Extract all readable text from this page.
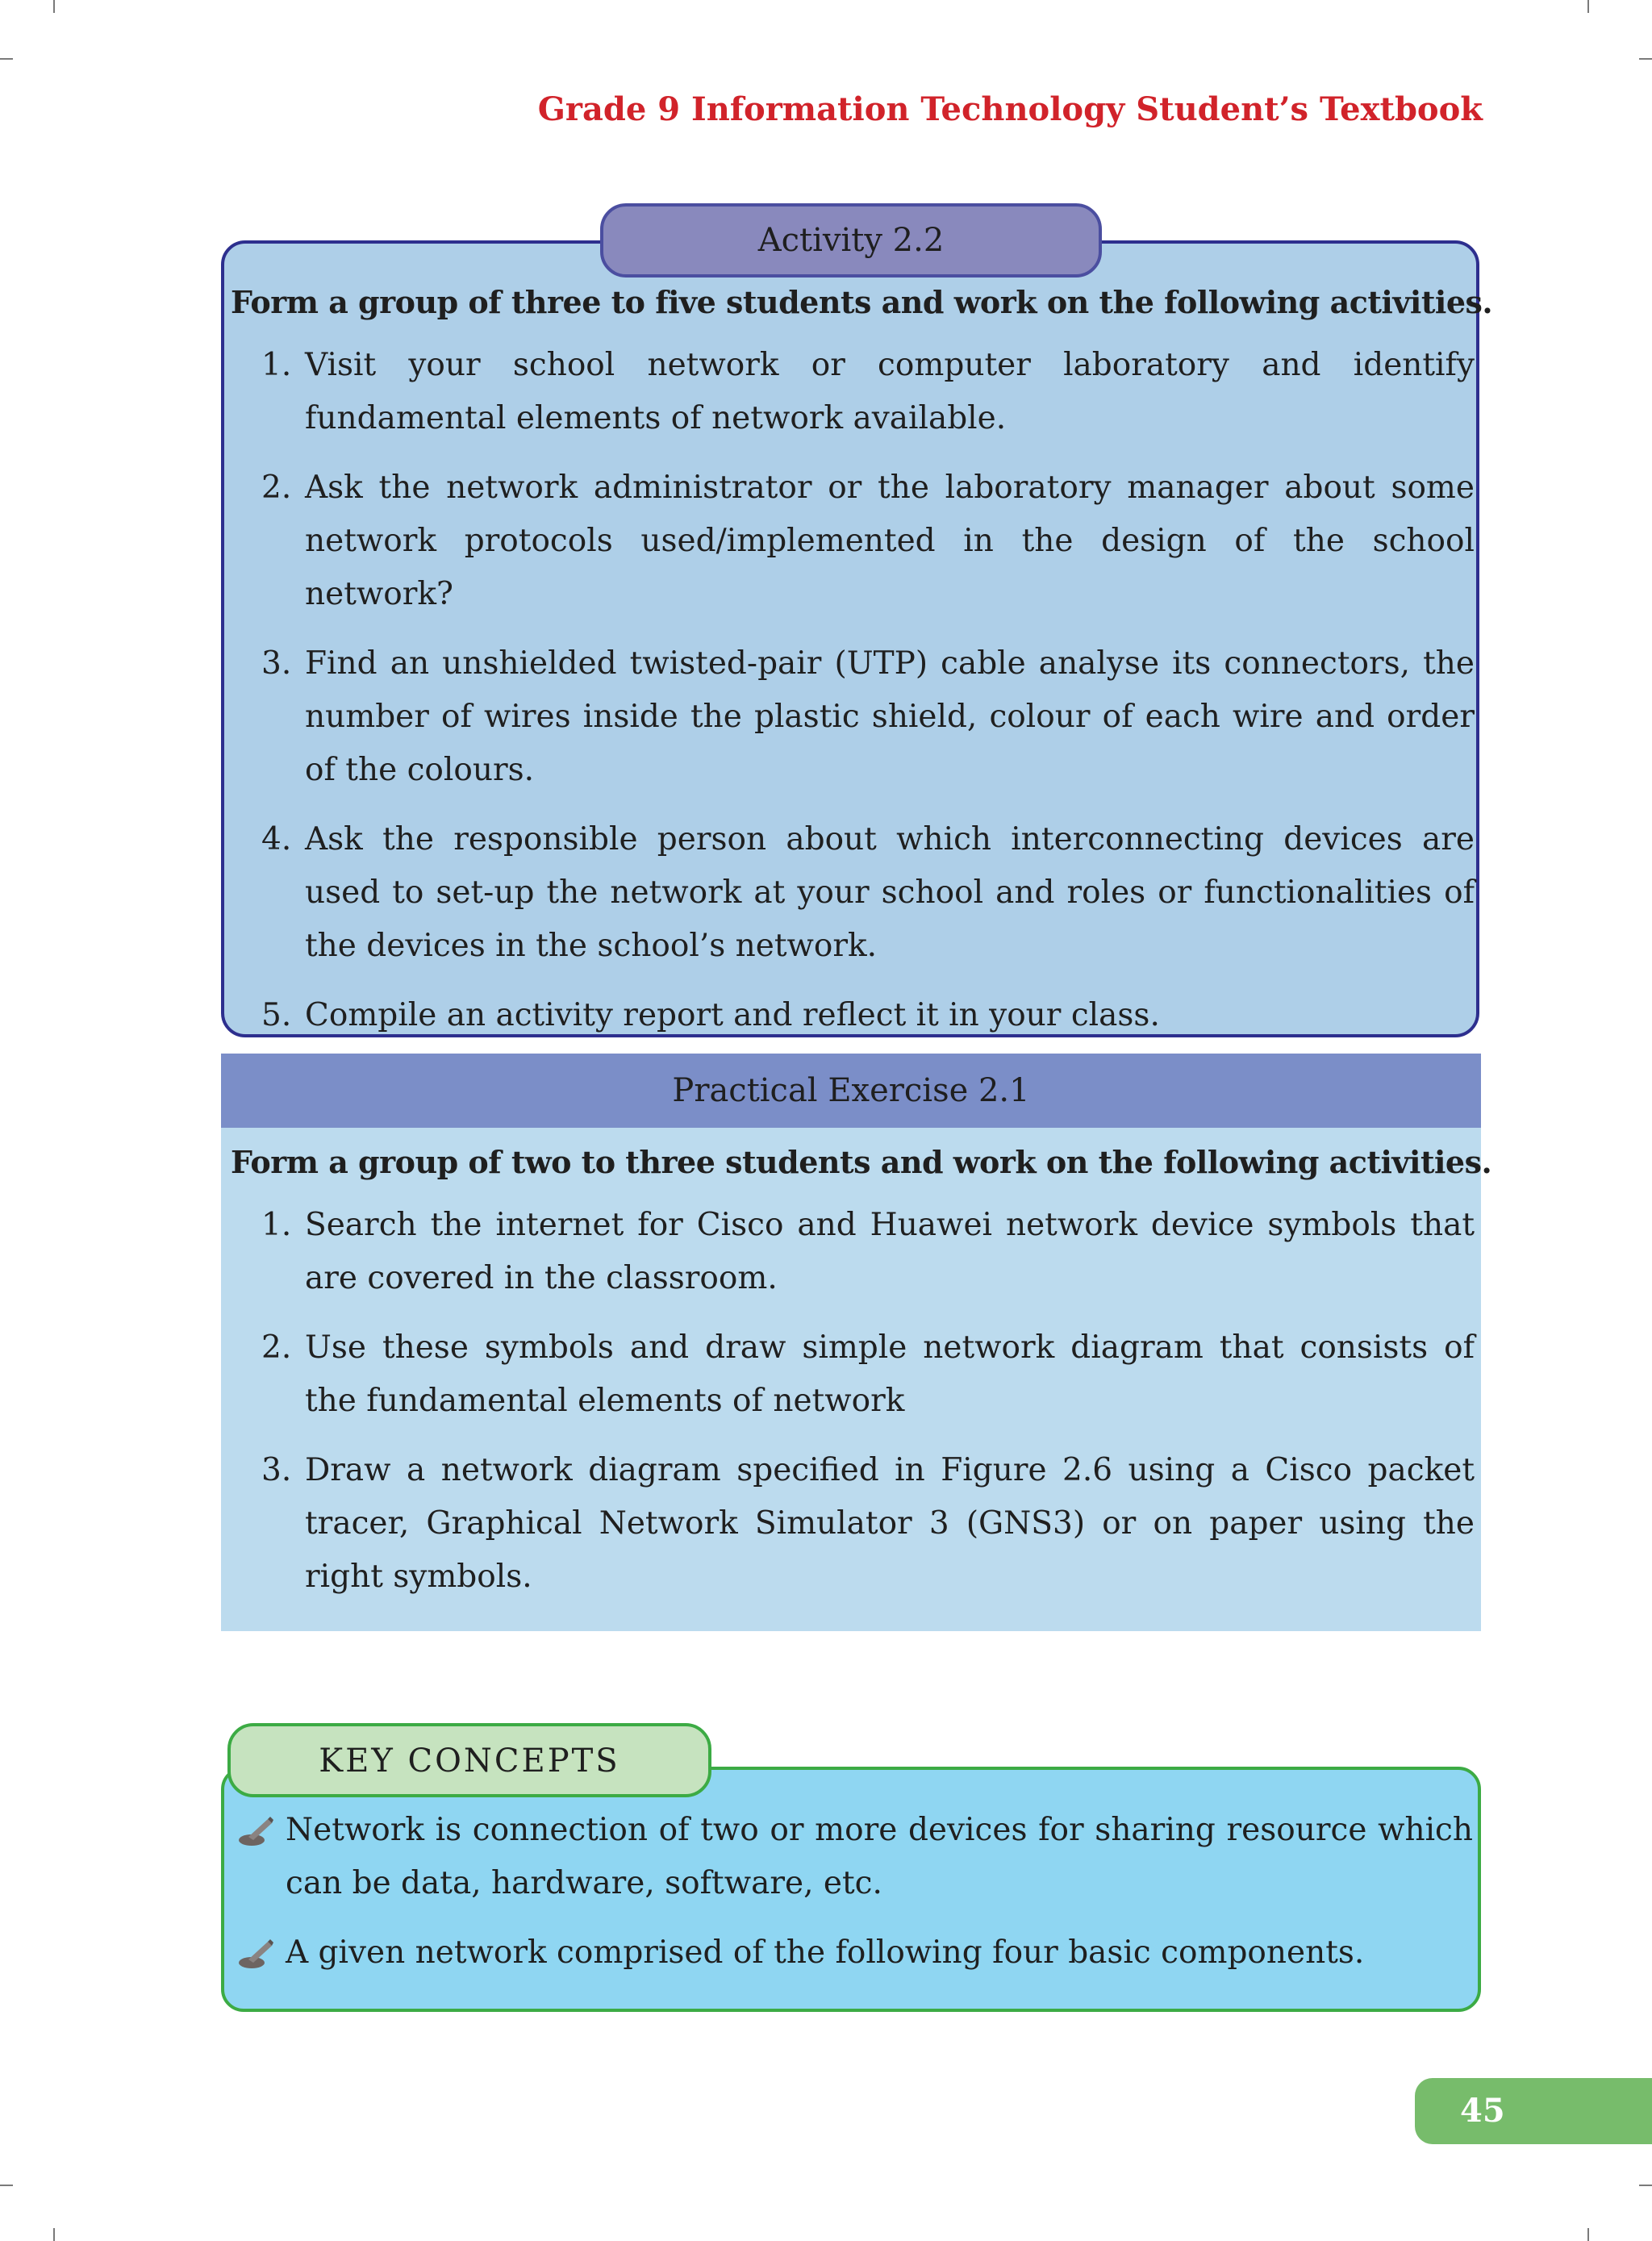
Grade 9 Information Technology Student’s Textbook
Activity 2.2
Form a group of three to five students and work on the following activities.
1. Visit your school network or computer laboratory and identify fundamental elements of network available.
2. Ask the network administrator or the laboratory manager about some network protocols used/implemented in the design of the school network?
3. Find an unshielded twisted-pair (UTP) cable analyse its connectors, the number of wires inside the plastic shield, colour of each wire and order of the colours.
4. Ask the responsible person about which interconnecting devices are used to set-up the network at your school and roles or functionalities of the devices in the school’s network.
5. Compile an activity report and reflect it in your class.
Practical Exercise 2.1
Form a group of two to three students and work on the following activities.
1. Search the internet for Cisco and Huawei network device symbols that are covered in the classroom.
2. Use these symbols and draw simple network diagram that consists of the fundamental elements of network
3. Draw a network diagram specified in Figure 2.6 using a Cisco packet tracer, Graphical Network Simulator 3 (GNS3) or on paper using the right symbols.
KEY CONCEPTS
Network is connection of two or more devices for sharing resource which can be data, hardware, software, etc.
A given network comprised of the following four basic components.
45
